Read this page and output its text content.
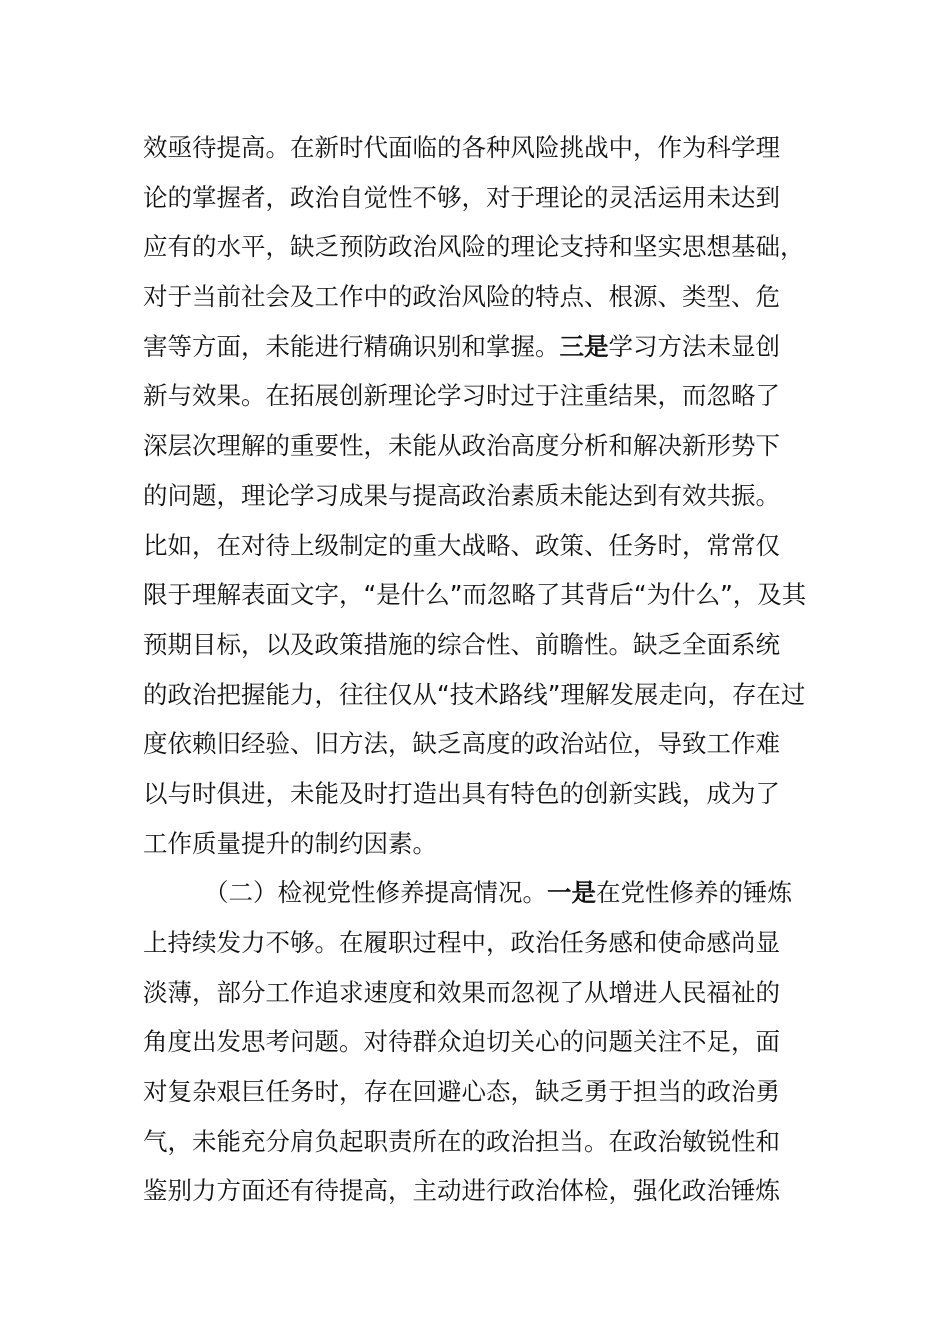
效亟待提高。在新时代面临的各种风险挑战中，作为科学理
论的掌握者，政治自觉性不够，对于理论的灵活运用未达到
应有的水平，缺乏预防政治风险的理论支持和坚实思想基础，
对于当前社会及工作中的政治风险的特点、根源、类型、危
害等方面，未能进行精确识别和掌握。三是学习方法未显创
新与效果。在拓展创新理论学习时过于注重结果，而忽略了
深层次理解的重要性，未能从政治高度分析和解决新形势下
的问题，理论学习成果与提高政治素质未能达到有效共振。
比如，在对待上级制定的重大战略、政策、任务时，常常仅
限于理解表面文字，“是什么”而忽略了其背后“为什么”，及其
预期目标，以及政策措施的综合性、前瞻性。缺乏全面系统
的政治把握能力，往往仅从“技术路线”理解发展走向，存在过
度依赖旧经验、旧方法，缺乏高度的政治站位，导致工作难
以与时俱进，未能及时打造出具有特色的创新实践，成为了
工作质量提升的制约因素。
（二）检视党性修养提高情况。一是在党性修养的锤炼
上持续发力不够。在履职过程中，政治任务感和使命感尚显
淡薄，部分工作追求速度和效果而忽视了从增进人民福祉的
角度出发思考问题。对待群众迫切关心的问题关注不足，面
对复杂艰巨任务时，存在回避心态，缺乏勇于担当的政治勇
气，未能充分肩负起职责所在的政治担当。在政治敏锐性和
鉴别力方面还有待提高，主动进行政治体检，强化政治锤炼
